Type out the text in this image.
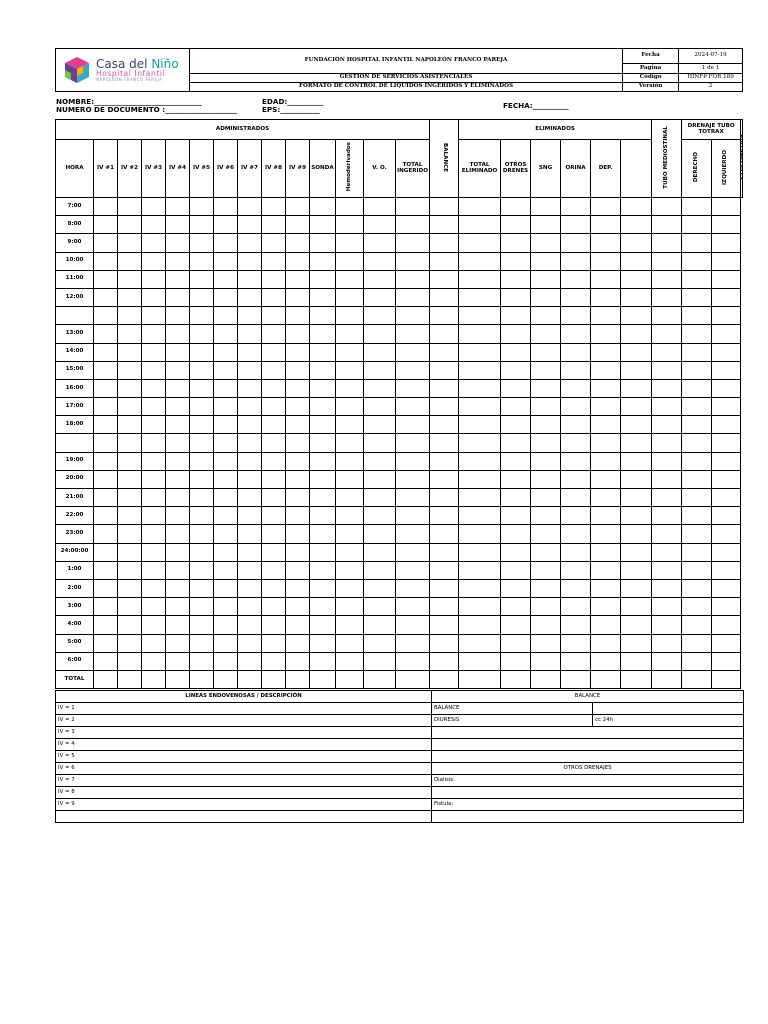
Casa del Niño
Hospital Infantil
NAPOLEÓN FRANCO PAREJA	FUNDACIÓN HOSPITAL INFANTIL NAPOLEÓN FRANCO PAREJA	Fecha	2024-07-19
		Pagina	1 de 1
	GESTION DE SERVICIOS ASISTENCIALES	Código	HINFP FOR 189
	FORMATO DE CONTROL DE LIQUIDOS INGERIDOS Y ELIMINADOS	Versión	2
NOMBRE:______________________________
NUMERO DE DOCUMENTO :____________________
EDAD:__________
EPS:___________	FECHA:__________
ADMINISTRADOS														BALANCE	ELIMINADOS						TUBO MEDIOSTINAL	DRENAJE TUBO TOTRAX	
HORA	IV #1	IV #2	IV #3	IV #4	IV #5	IV #6	IV #7	IV #8	IV #9	SONDA	Hemoderivados	V. O.	TOTAL INGERIDO		TOTAL ELIMINADO	OTROS DRENES	SNG	ORINA	DEP.			DERECHO	IZQUIERDO	
7:00																								
8:00																								
9:00																								
10:00																								
11:00																								
12:00																								

13:00																								
14:00																								
15:00																								
16:00																								
17:00																								
18:00																								

19:00																								
20:00																								
21:00																								
22:00																								
23:00																								
24:00:00																								
1:00																								
2:00																								
3:00																								
4:00																								
5:00																								
6:00																								
TOTAL																								
LINEAS ENDOVENOSAS / DESCRIPCIÓN	BALANCE	
IV = 1	BALANCE	
IV = 2	DIURESIS	cc 24h
IV = 3		
IV = 4		
IV = 5		
IV = 6	OTROS DRENAJES	
IV = 7	Dialisis:	
IV = 8		
IV = 9	Fistula:	
